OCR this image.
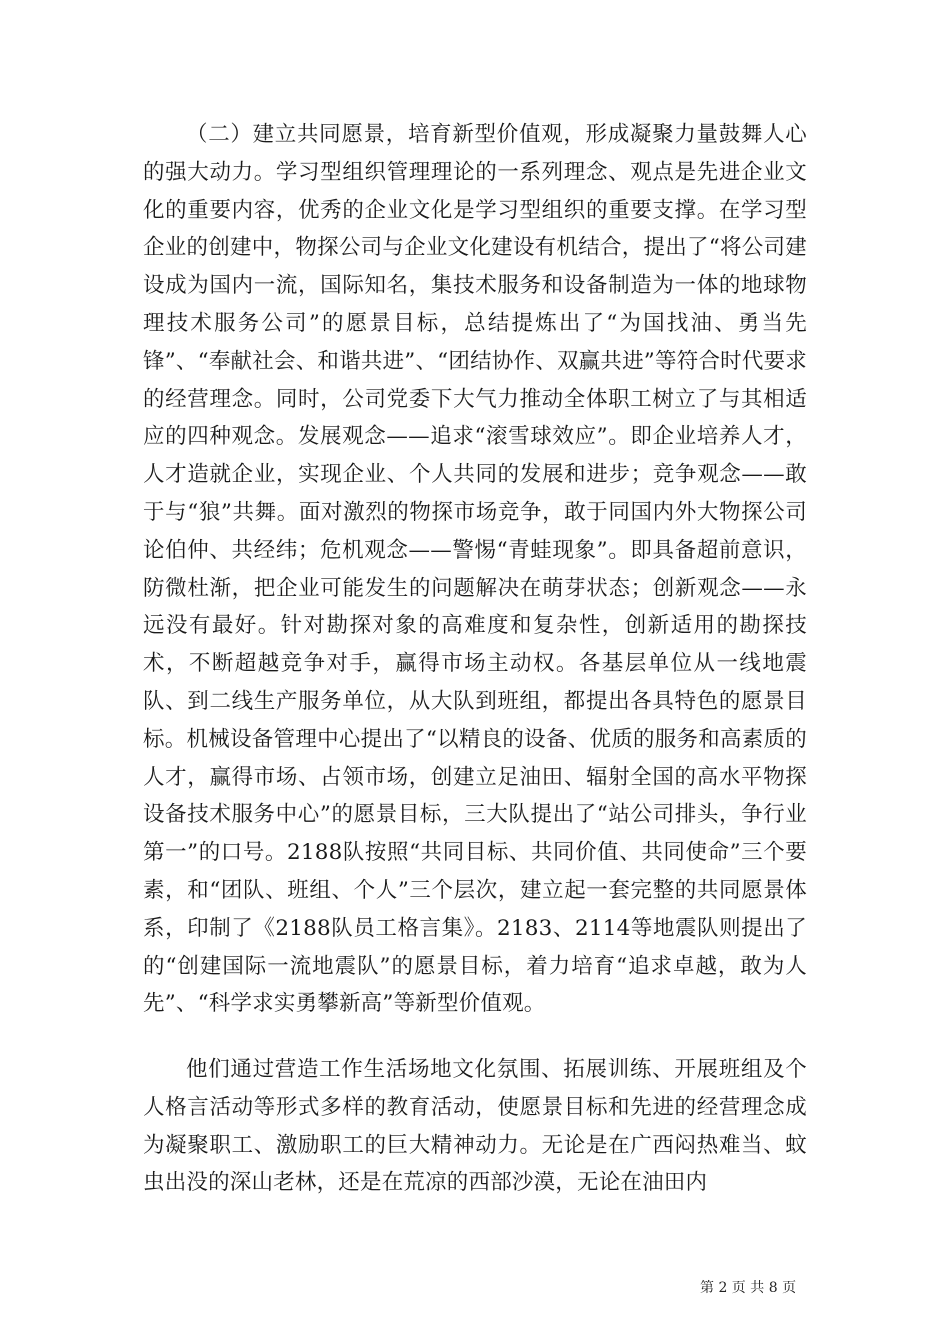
（二）建立共同愿景，培育新型价值观，形成凝聚力量鼓舞人心的强大动力。学习型组织管理理论的一系列理念、观点是先进企业文化的重要内容，优秀的企业文化是学习型组织的重要支撑。在学习型企业的创建中，物探公司与企业文化建设有机结合，提出了“将公司建设成为国内一流，国际知名，集技术服务和设备制造为一体的地球物理技术服务公司”的愿景目标，总结提炼出了“为国找油、勇当先锋”、“奉献社会、和谐共进”、“团结协作、双赢共进”等符合时代要求的经营理念。同时，公司党委下大气力推动全体职工树立了与其相适应的四种观念。发展观念——追求“滚雪球效应”。即企业培养人才，人才造就企业，实现企业、个人共同的发展和进步；竞争观念——敢于与“狼”共舞。面对激烈的物探市场竞争，敢于同国内外大物探公司论伯仲、共经纬；危机观念——警惕“青蛙现象”。即具备超前意识，防微杜渐，把企业可能发生的问题解决在萌芽状态；创新观念——永远没有最好。针对勘探对象的高难度和复杂性，创新适用的勘探技术，不断超越竞争对手，赢得市场主动权。各基层单位从一线地震队、到二线生产服务单位，从大队到班组，都提出各具特色的愿景目标。机械设备管理中心提出了“以精良的设备、优质的服务和高素质的人才，赢得市场、占领市场，创建立足油田、辐射全国的高水平物探设备技术服务中心”的愿景目标，三大队提出了“站公司排头，争行业第一”的口号。2188队按照“共同目标、共同价值、共同使命”三个要素，和“团队、班组、个人”三个层次，建立起一套完整的共同愿景体系，印制了《2188队员工格言集》。2183、2114等地震队则提出了的“创建国际一流地震队”的愿景目标，着力培育“追求卓越，敢为人先”、“科学求实勇攀新高”等新型价值观。

他们通过营造工作生活场地文化氛围、拓展训练、开展班组及个人格言活动等形式多样的教育活动，使愿景目标和先进的经营理念成为凝聚职工、激励职工的巨大精神动力。无论是在广西闷热难当、蚊虫出没的深山老林，还是在荒凉的西部沙漠，无论在油田内

第 2 页 共 8 页
